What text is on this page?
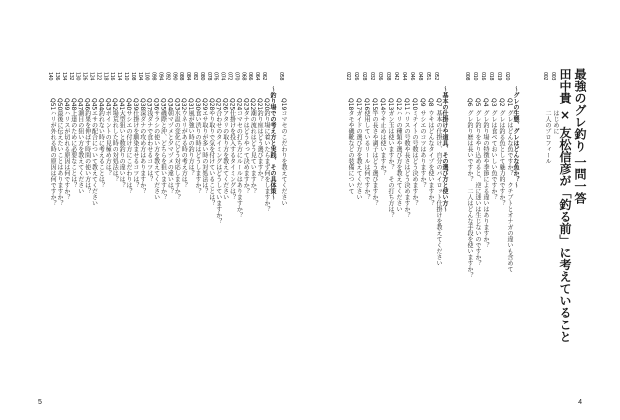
003
はじめに
002
二人のプロフィール
～グレの生態、グレはどんな魚か？～
020
Q1
グレはどんな魚ですか？　クチブトとオナガの違いも含めて
019
Q2
グレは釣る魚として魅力的ですか？
018
Q3
グレは食べておいしい魚ですか？
016
Q4
グレ釣り場の特徴や季節による違いはありますか？
010
Q5
グレ釣りをやり込めると、逆に迷いは生じないのですか？
008
Q6
グレ釣り歴は長いですか？　二人はどんな手段を使いますか？
～基本の仕掛けや道具、その選び方と使い方～
052
Q7
基本の仕掛け、自分のパイロット仕掛けを教えてください
051
Q8
ウキはどんなタイプを使いますか？
048
Q9
サシエのコツはありますか？
046
Q10
ミチイトの号数はどう決めますか？
044
Q11
ハリスの号数や長さはどう決めますか？
042
Q12
ハリの種類や選び方を教えてください
038
Q13
ガン玉は使いますか？　その打ち方は？
036
Q14
ウキ止めは使いますか？
032
Q15
竿の長さや調子はどう選びますか？
028
Q16
使用しているリールは何ですか？
026
Q17
ガイドの選び方を教えてください
022
Q18
タモや磯靴などの装備について	田中貴 × 友松信彦が「釣る前」に考えていること 最強のグレ釣り 一問一答
058
Q19
コマセのこだわりを教えてください
～釣り場での考え方と実践、その具体策～
062
Q20
釣り場に着いたらまず何をしますか？
064
Q21
釣り座はどう選びますか？
066
Q22
潮の流れはどう見ていますか？
068
Q23
タナはどうやって決めますか？
070
Q24
コマセの打ち方にルールはありますか？
072
Q25
仕掛けを投入するタイミングは？
074
Q26
アタリの取り方を教えてください
076
Q27
合わせのタイミングはどうしていますか？
078
Q28
やり取りで気を付けていることは？
080
Q29
エサ取りが多い時の対処法は？
082
Q30
食い渋りの時はどうしますか？
084
Q31
風が強い時の釣り方は？
088
Q32
ウネリがある時の考え方は？
090
Q33
水温の変化にどう対応しますか？
092
Q34
朝マヅメと夕マヅメの違いは？
094
Q35
磯際と沖、どちらを狙いますか？
098
Q36
サラシの使い方を教えてください
100
Q37
浅ダナで食わせるコツは？
104
Q38
深ダナの攻め方はありますか？
108
Q39
仕掛けを馴染ませるコツは？
110
Q40
サシエの付け方にこだわりは？
114
Q41
大型狙いと数釣りの違いは？
116
Q42
場荒れした時の対処法は？
118
Q43
ポイントの見極め方は？
122
Q44
釣れない時に考えることは？
124
Q45
エサの配合について教えてください
126
Q46
釣果を伸ばす時間の使い方は？
130
Q47
潮目の狙い方を教えてください
132
Q48
上達のために必要なことは？
134
Q49
ハリスが切れる原因は何ですか？
136
Q50
最後に伝えたいことはありますか？
140
Q51
ハリが外れる時の原因は何ですか？
5	4
